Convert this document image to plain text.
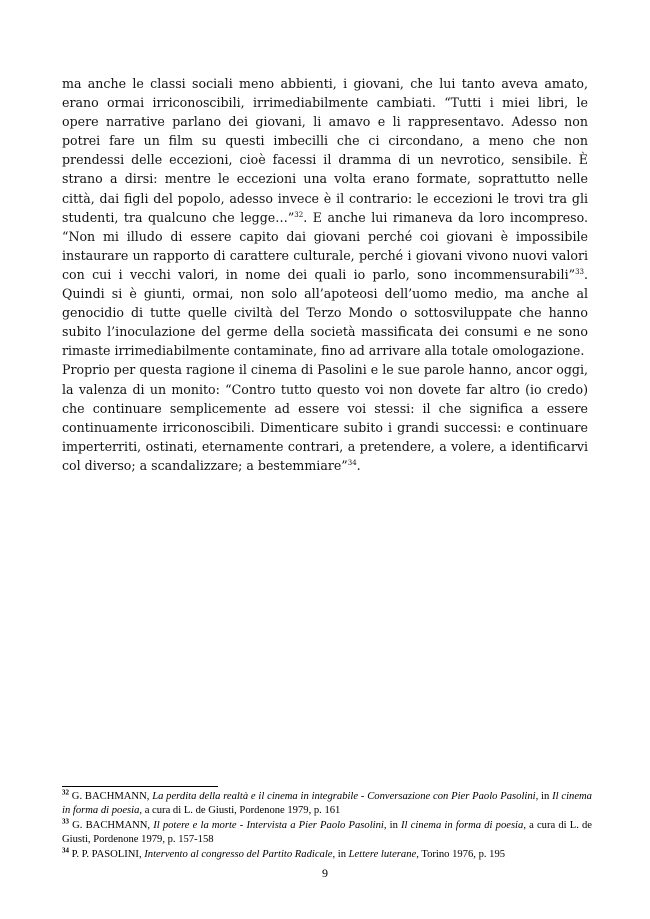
ma anche le classi sociali meno abbienti, i giovani, che lui tanto aveva amato, erano ormai irriconoscibili, irrimediabilmente cambiati. “Tutti i miei libri, le opere narrative parlano dei giovani, li amavo e li rappresentavo. Adesso non potrei fare un film su questi imbecilli che ci circondano, a meno che non prendessi delle eccezioni, cioè facessi il dramma di un nevrotico, sensibile. È strano a dirsi: mentre le eccezioni una volta erano formate, soprattutto nelle città, dai figli del popolo, adesso invece è il contrario: le eccezioni le trovi tra gli studenti, tra qualcuno che legge…”$^{32}$. E anche lui rimaneva da loro incompreso. “Non mi illudo di essere capito dai giovani perché coi giovani è impossibile instaurare un rapporto di carattere culturale, perché i giovani vivono nuovi valori con cui i vecchi valori, in nome dei quali io parlo, sono incommensurabili”$^{33}$. Quindi si è giunti, ormai, non solo all’apoteosi dell’uomo medio, ma anche al genocidio di tutte quelle civiltà del Terzo Mondo o sottosviluppate che hanno subito l’inoculazione del germe della società massificata dei consumi e ne sono rimaste irrimediabilmente contaminate, fino ad arrivare alla totale omologazione.

Proprio per questa ragione il cinema di Pasolini e le sue parole hanno, ancor oggi, la valenza di un monito: “Contro tutto questo voi non dovete far altro (io credo) che continuare semplicemente ad essere voi stessi: il che significa a essere continuamente irriconoscibili. Dimenticare subito i grandi successi: e continuare imperterriti, ostinati, eternamente contrari, a pretendere, a volere, a identificarvi col diverso; a scandalizzare; a bestemmiare”$^{34}$.

$^{32}$ G. BACHMANN, La perdita della realtà e il cinema in integrabile - Conversazione con Pier Paolo Pasolini, in Il cinema in forma di poesia, a cura di L. de Giusti, Pordenone 1979, p. 161

$^{33}$ G. BACHMANN, Il potere e la morte - Intervista a Pier Paolo Pasolini, in Il cinema in forma di poesia, a cura di L. de Giusti, Pordenone 1979, p. 157-158

$^{34}$ P. P. PASOLINI, Intervento al congresso del Partito Radicale, in Lettere luterane, Torino 1976, p. 195

9
